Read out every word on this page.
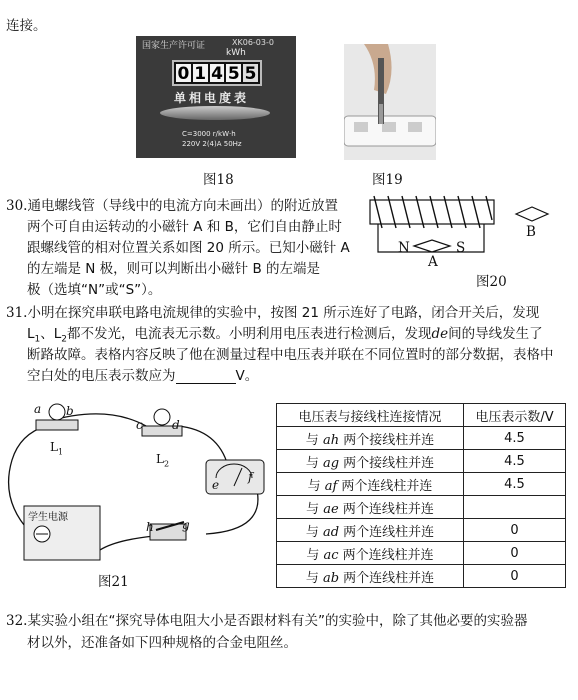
连接。
国家生产许可证	XK06-03-0
kWh
0 1 4 5 5
单相电度表
C=3000 r/kW·h
220V 2(4)A 50Hz
图18	图19
30.通电螺线管（导线中的电流方向未画出）的附近放置
两个可自由运转动的小磁针 A 和 B，它们自由静止时
跟螺线管的相对位置关系如图 20 所示。已知小磁针 A
的左端是 N 极，则可以判断出小磁针 B 的左端是
极（选填“N”或“S”）。
N	S
A
B
图20
31.小明在探究串联电路电流规律的实验中，按图 21 所示连好了电路，闭合开关后，发现
$L_1$、$L_2$都不发光，电流表无示数。小明利用电压表进行检测后，发现de间的导线发生了
断路故障。表格内容反映了他在测量过程中电压表并联在不同位置时的部分数据，表格中
空白处的电压表示数应为	V。
a b
c d
e
f
g
h
$L_1$
$L_2$
学生电源
图21
电压表与接线柱连接情况	电压表示数/V
与 ah 两个接线柱并连	4.5
与 ag 两个接线柱并连	4.5
与 af 两个连线柱并连	4.5
与 ae 两个连线柱并连	
与 ad 两个连线柱并连	0
与 ac 两个连线柱并连	0
与 ab 两个连线柱并连	0
32.某实验小组在“探究导体电阻大小是否跟材料有关”的实验中，除了其他必要的实验器
材以外，还准备如下四种规格的合金电阻丝。
